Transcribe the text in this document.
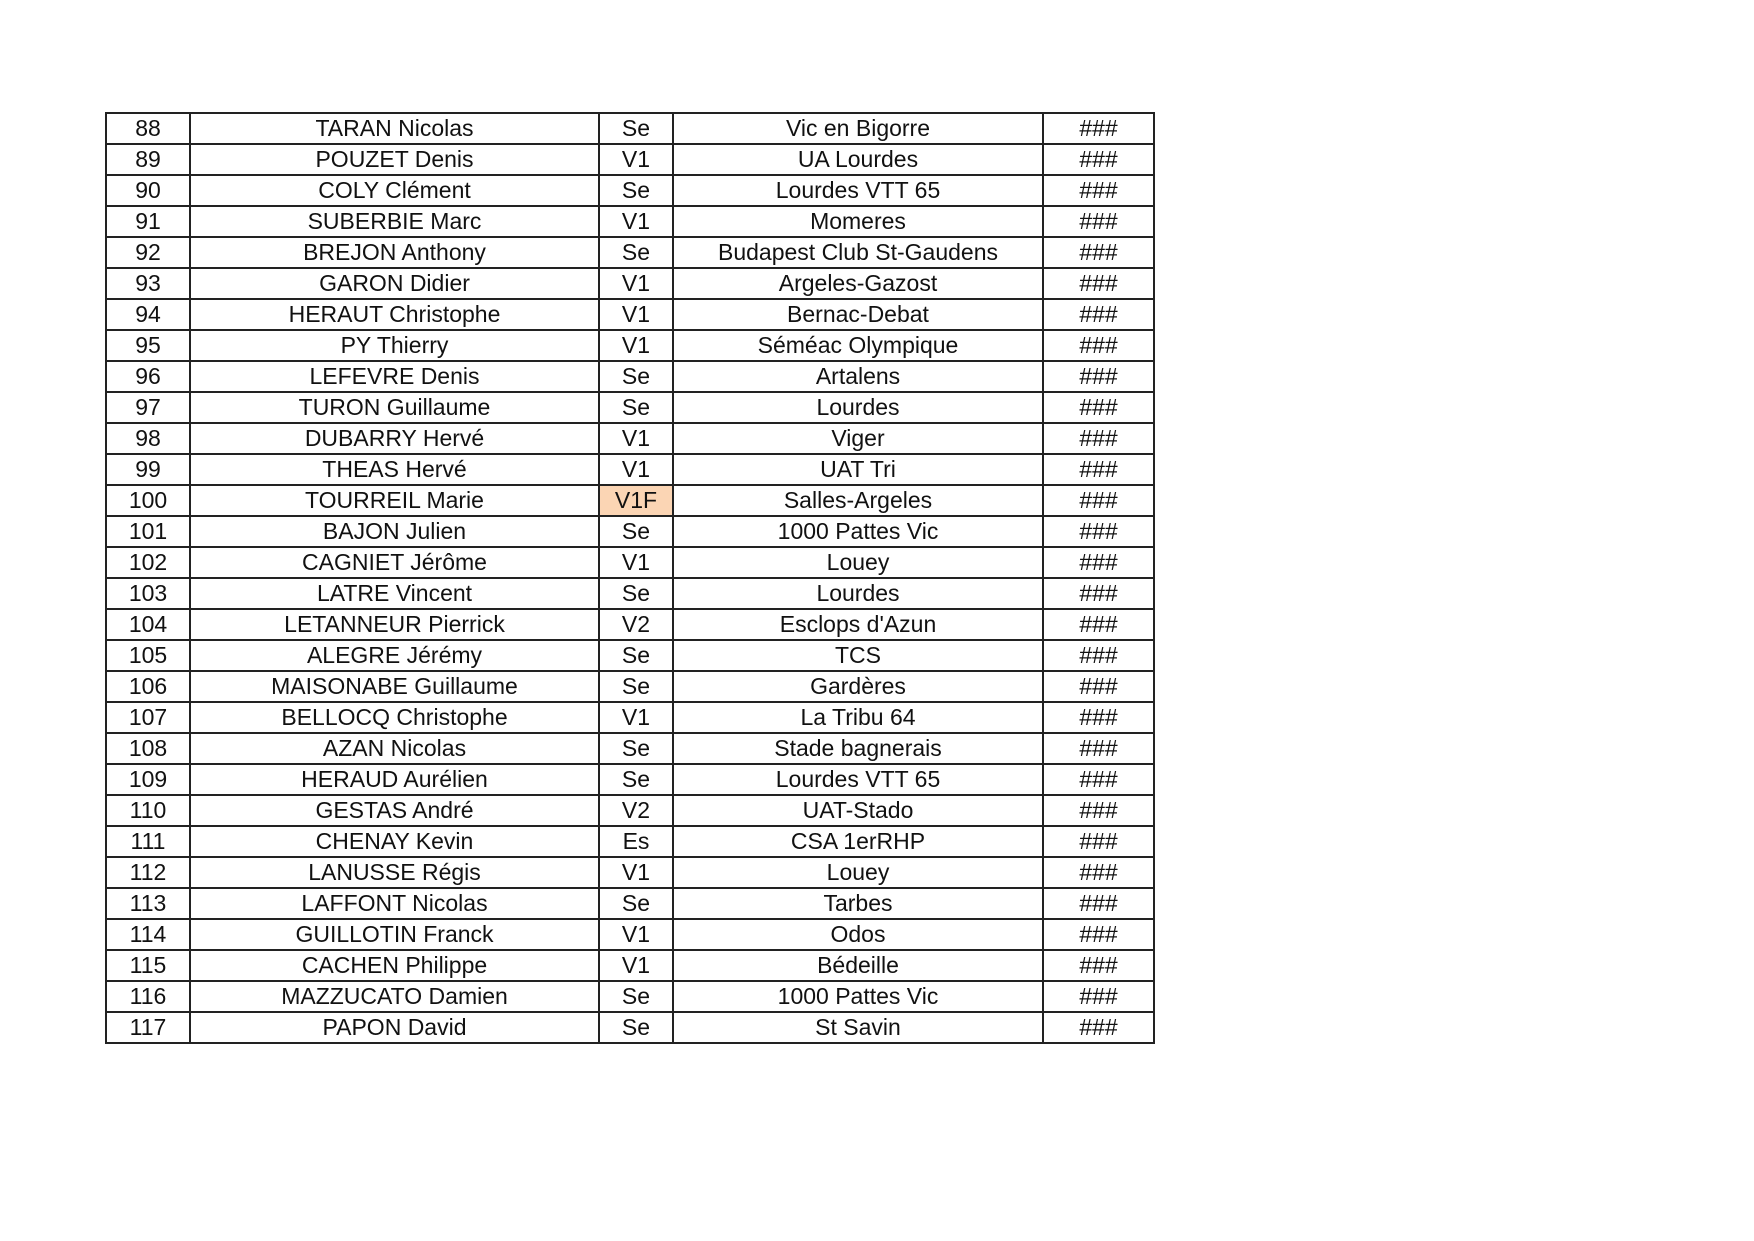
88	TARAN Nicolas	Se	Vic en Bigorre	###
89	POUZET Denis	V1	UA Lourdes	###
90	COLY Clément	Se	Lourdes VTT 65	###
91	SUBERBIE Marc	V1	Momeres	###
92	BREJON Anthony	Se	Budapest Club St-Gaudens	###
93	GARON Didier	V1	Argeles-Gazost	###
94	HERAUT Christophe	V1	Bernac-Debat	###
95	PY Thierry	V1	Séméac Olympique	###
96	LEFEVRE Denis	Se	Artalens	###
97	TURON Guillaume	Se	Lourdes	###
98	DUBARRY Hervé	V1	Viger	###
99	THEAS Hervé	V1	UAT Tri	###
100	TOURREIL Marie	V1F	Salles-Argeles	###
101	BAJON Julien	Se	1000 Pattes Vic	###
102	CAGNIET Jérôme	V1	Louey	###
103	LATRE Vincent	Se	Lourdes	###
104	LETANNEUR Pierrick	V2	Esclops d'Azun	###
105	ALEGRE Jérémy	Se	TCS	###
106	MAISONABE Guillaume	Se	Gardères	###
107	BELLOCQ Christophe	V1	La Tribu 64	###
108	AZAN Nicolas	Se	Stade bagnerais	###
109	HERAUD Aurélien	Se	Lourdes VTT 65	###
110	GESTAS André	V2	UAT-Stado	###
111	CHENAY Kevin	Es	CSA 1erRHP	###
112	LANUSSE Régis	V1	Louey	###
113	LAFFONT Nicolas	Se	Tarbes	###
114	GUILLOTIN Franck	V1	Odos	###
115	CACHEN Philippe	V1	Bédeille	###
116	MAZZUCATO Damien	Se	1000 Pattes Vic	###
117	PAPON David	Se	St Savin	###
